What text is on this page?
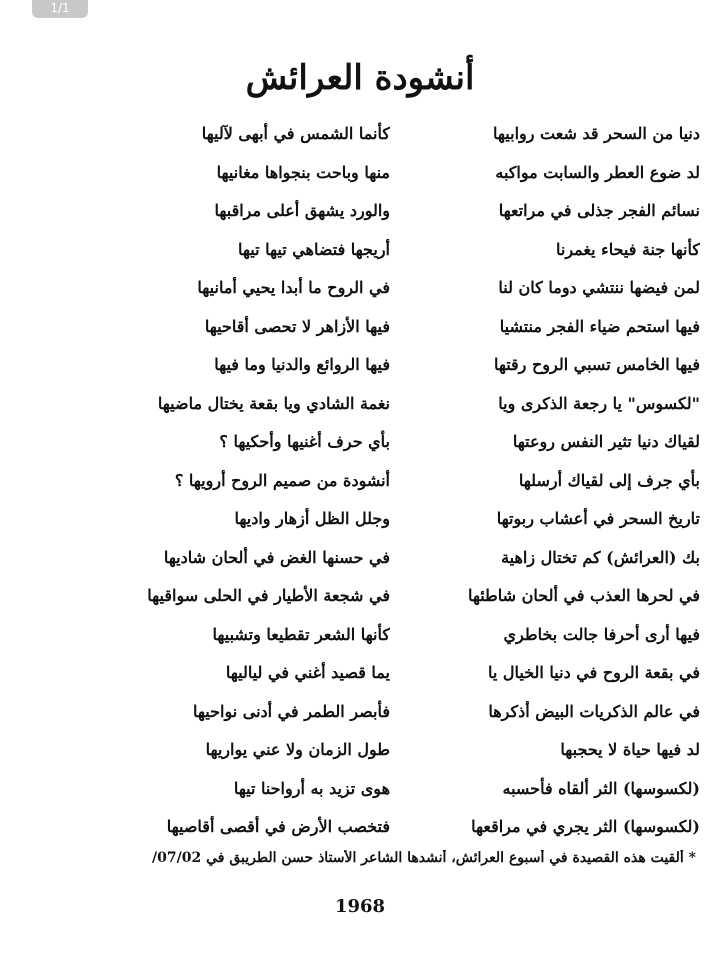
1/1
أنشودة العرائش
دنيا من السحر قد شعت روابيها
كأنما الشمس في أبهى لآليها
لد ضوع العطر والسابت مواكبه
منها وباحت بنجواها مغانيها
نسائم الفجر جذلى في مراتعها
والورد يشهق أعلى مراقبها
كأنها جنة فيحاء يغمرنا
أريجها فتضاهي تيها تيها
لمن فيضها ننتشي دوما كان لنا
في الروح ما أبدا يحيي أمانيها
فيها استحم ضياء الفجر منتشيا
فيها الأزاهر لا تحصى أقاحيها
فيها الخامس تسبي الروح رقتها
فيها الروائع والدنيا وما فيها
"لكسوس" يا رجعة الذكرى ويا
نغمة الشادي ويا بقعة يختال ماضيها
لقياك دنيا تثير النفس روعتها
بأي حرف أغنيها وأحكيها ؟
بأي جرف إلى لقياك أرسلها
أنشودة من صميم الروح أرويها ؟
تاريخ السحر في أعشاب ربوتها
وجلل الظل أزهار واديها
بك (العرائش) كم تختال زاهية
في حسنها الغض في ألحان شاديها
في لحرها العذب في ألحان شاطئها
في شجعة الأطيار في الحلى سواقيها
فيها أرى أحرفا جالت بخاطري
كأنها الشعر تقطيعا وتشبيها
في بقعة الروح في دنيا الخيال يا
يما قصيد أغني في لياليها
في عالم الذكريات البيض أذكرها
فأبصر الطمر في أدنى نواحيها
لد فيها حياة لا يحجبها
طول الزمان ولا عني يواريها
(لكسوسها) الثر ألقاه فأحسبه
هوى تزيد به أرواحنا تيها
(لكسوسها) الثر يجري في مراقعها
فتخصب الأرض في أقصى أقاصيها
* ألقيت هذه القصيدة في أسبوع العرائش، أنشدها الشاعر الأستاذ حسن الطريبق في 07/02/
1968
